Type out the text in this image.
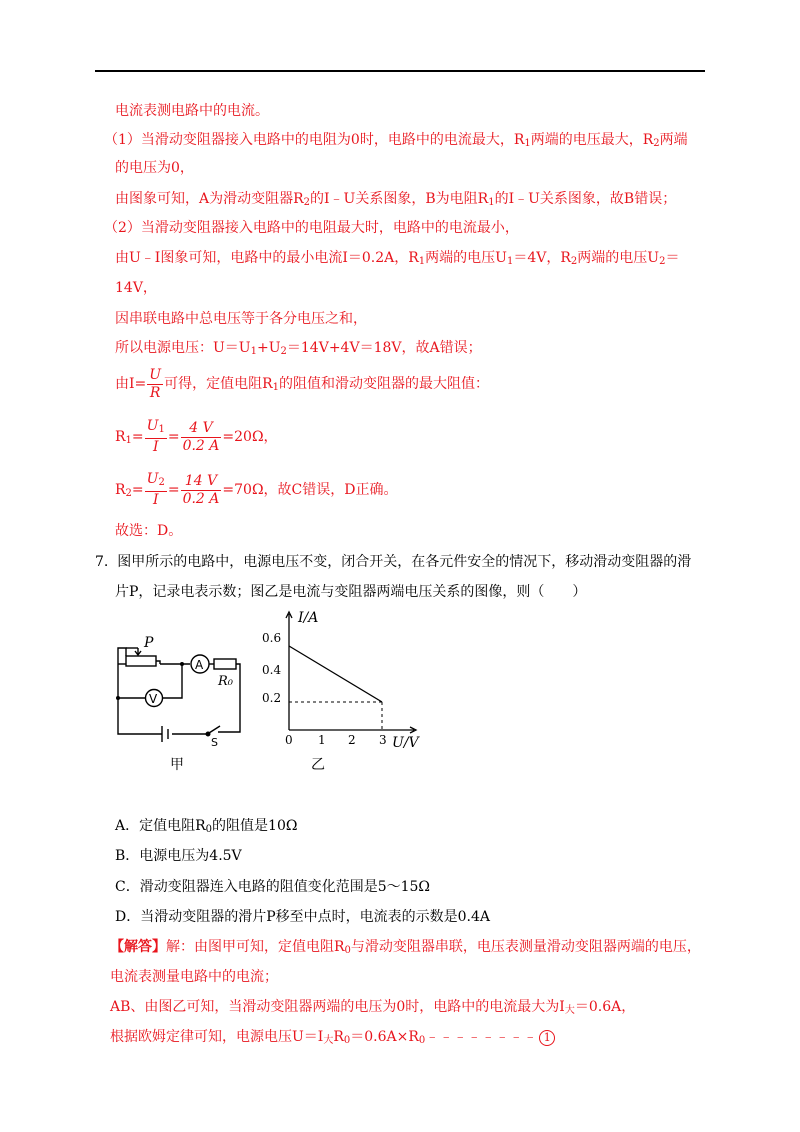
电流表测电路中的电流。
（1）当滑动变阻器接入电路中的电阻为0时，电路中的电流最大，$R_1$两端的电压最大，$R_2$两端
的电压为0，
由图象可知，A为滑动变阻器$R_2$的I﹣U关系图象，B为电阻$R_1$的I﹣U关系图象，故B错误；
（2）当滑动变阻器接入电路中的电阻最大时，电路中的电流最小，
由U﹣I图象可知，电路中的最小电流I＝0.2A，$R_1$两端的电压$U_1=4V$，$R_2$两端的电压$U_2=$
14V，
因串联电路中总电压等于各分电压之和，
所以电源电压：$U=U_1+U_2=14V+4V=18V$，故A错误；
由$I= \frac{U}{R}$ 可得，定值电阻$R_1$的阻值和滑动变阻器的最大阻值：
$R_1= \frac{U_1}{I} = \frac{4 V}{0.2 A} =20\Omega$，
$R_2= \frac{U_2}{I} = \frac{14 V}{0.2 A} =70\Omega$，故C错误，D正确。
故选：D。
7. 图甲所示的电路中，电源电压不变，闭合开关，在各元件安全的情况下，移动滑动变阻器的滑
片P，记录电表示数；图乙是电流与变阻器两端电压关系的图像，则（　　）
P
A
V
R₀
S
甲
I/A
U/V
0.6
0.4
0.2
0 1 2 3
乙
A．定值电阻$R_0$的阻值是10Ω
B．电源电压为4.5V
C．滑动变阻器连入电路的阻值变化范围是5～15Ω
D．当滑动变阻器的滑片P移至中点时，电流表的示数是0.4A
【解答】解：由图甲可知，定值电阻$R_0$与滑动变阻器串联，电压表测量滑动变阻器两端的电压，
电流表测量电路中的电流；
AB、由图乙可知，当滑动变阻器两端的电压为0时，电路中的电流最大为$I_大=0.6A$，
根据欧姆定律可知，电源电压$U=I_大R_0=0.6A\times R_0﹣﹣﹣﹣﹣﹣﹣﹣$ 1
